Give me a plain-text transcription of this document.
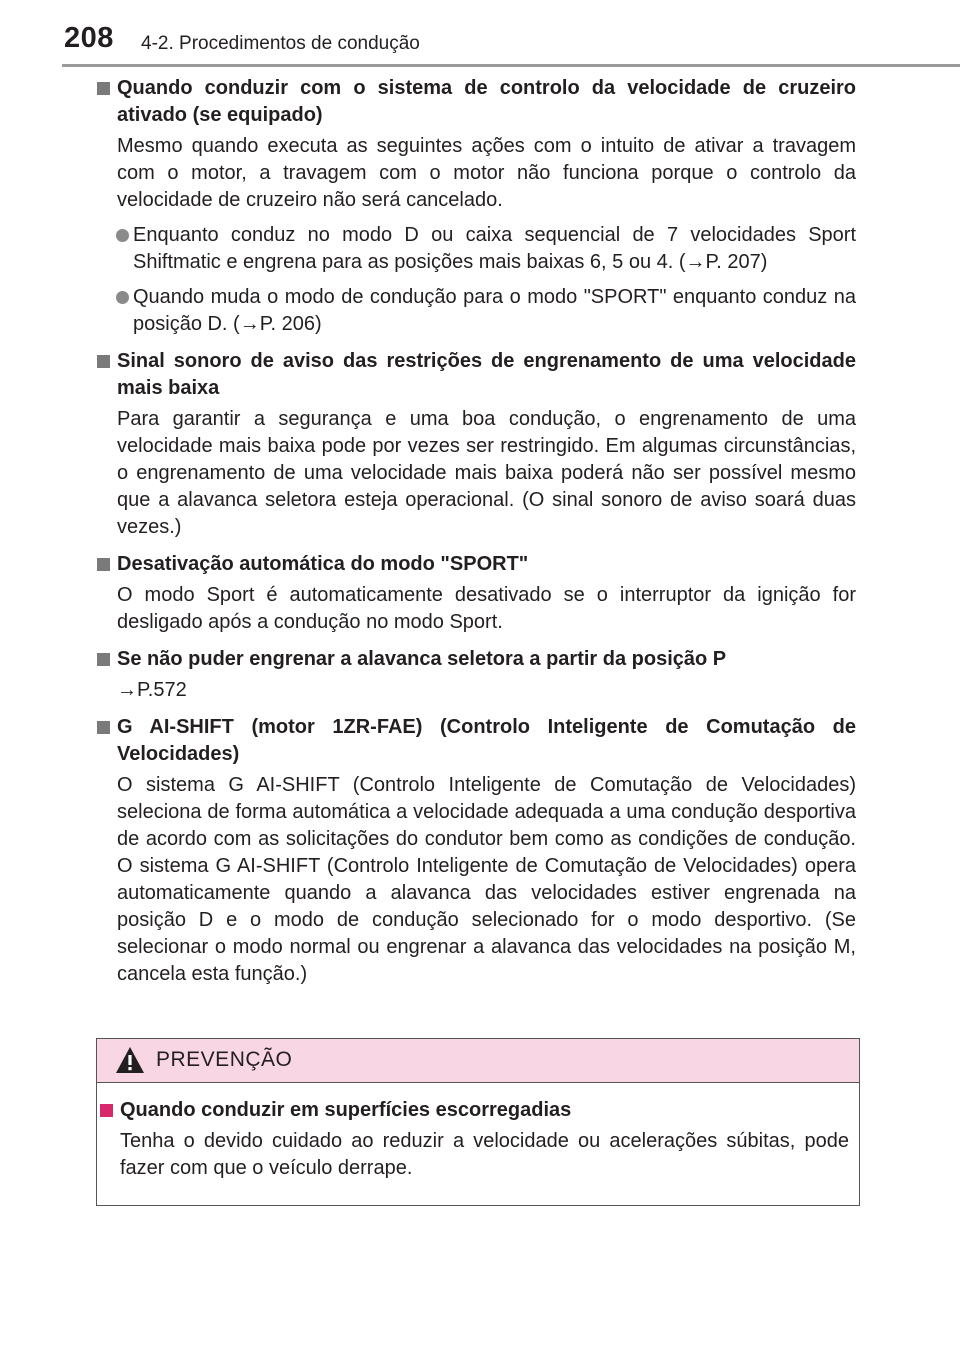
208 4-2. Procedimentos de condução
Quando conduzir com o sistema de controlo da velocidade de cruzeiro ativado (se equipado)
Mesmo quando executa as seguintes ações com o intuito de ativar a travagem com o motor, a travagem com o motor não funciona porque o controlo da velocidade de cruzeiro não será cancelado.
Enquanto conduz no modo D ou caixa sequencial de 7 velocidades Sport Shiftmatic e engrena para as posições mais baixas 6, 5 ou 4. (→P. 207)
Quando muda o modo de condução para o modo "SPORT" enquanto conduz na posição D. (→P. 206)
Sinal sonoro de aviso das restrições de engrenamento de uma velocidade mais baixa
Para garantir a segurança e uma boa condução, o engrenamento de uma velocidade mais baixa pode por vezes ser restringido. Em algumas circunstâncias, o engrenamento de uma velocidade mais baixa poderá não ser possível mesmo que a alavanca seletora esteja operacional. (O sinal sonoro de aviso soará duas vezes.)
Desativação automática do modo "SPORT"
O modo Sport é automaticamente desativado se o interruptor da ignição for desligado após a condução no modo Sport.
Se não puder engrenar a alavanca seletora a partir da posição P
→P.572
G AI-SHIFT (motor 1ZR-FAE) (Controlo Inteligente de Comutação de Velocidades)
O sistema G AI-SHIFT (Controlo Inteligente de Comutação de Velocidades) seleciona de forma automática a velocidade adequada a uma condução desportiva de acordo com as solicitações do condutor bem como as condições de condução. O sistema G AI-SHIFT (Controlo Inteligente de Comutação de Velocidades) opera automaticamente quando a alavanca das velocidades estiver engrenada na posição D e o modo de condução selecionado for o modo desportivo. (Se selecionar o modo normal ou engrenar a alavanca das velocidades na posição M, cancela esta função.)
PREVENÇÃO
Quando conduzir em superfícies escorregadias
Tenha o devido cuidado ao reduzir a velocidade ou acelerações súbitas, pode fazer com que o veículo derrape.
